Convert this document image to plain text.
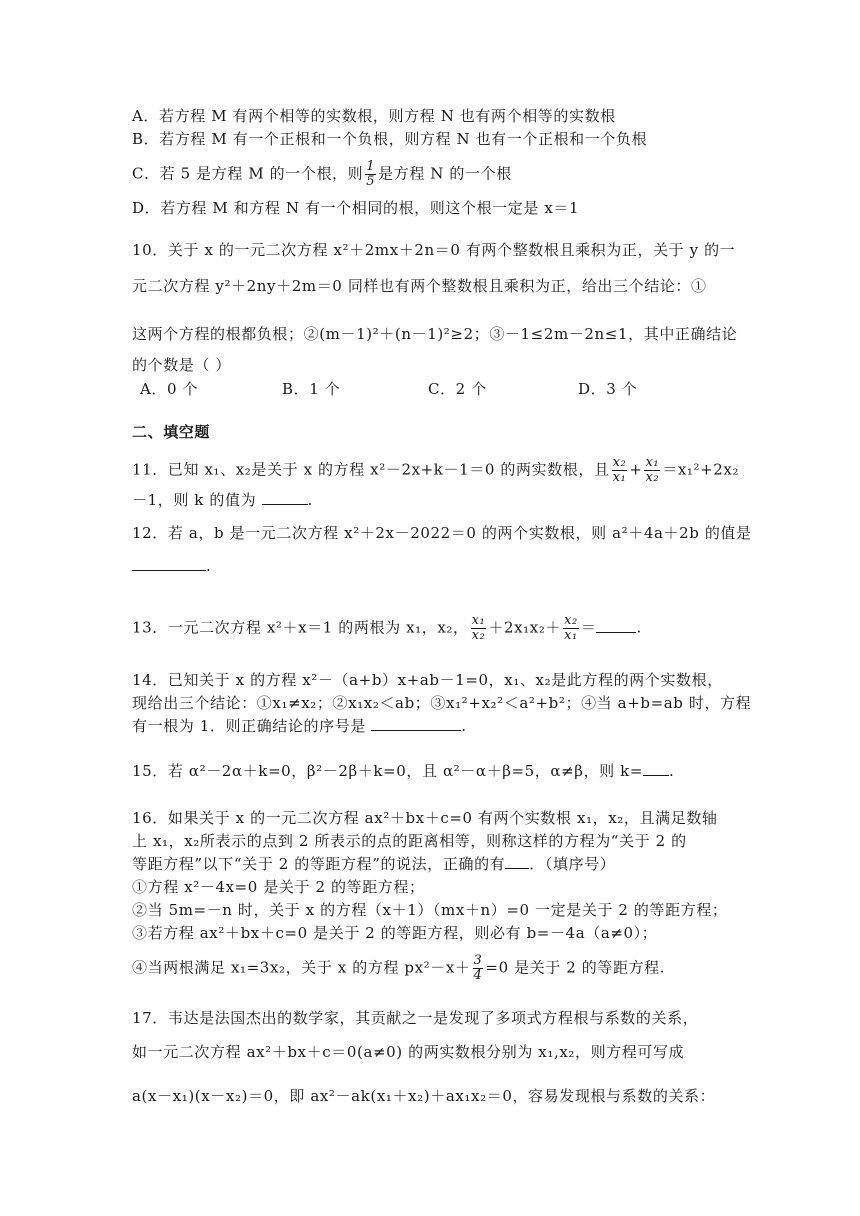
A．若方程 M 有两个相等的实数根，则方程 N 也有两个相等的实数根
B．若方程 M 有一个正根和一个负根，则方程 N 也有一个正根和一个负根
C．若 5 是方程 M 的一个根，则 $\frac{1}{5}$ 是方程 N 的一个根
D．若方程 M 和方程 N 有一个相同的根，则这个根一定是 x＝1
10．关于 x 的一元二次方程 x²＋2mx＋2n＝0 有两个整数根且乘积为正，关于 y 的一
元二次方程 y²＋2ny＋2m＝0 同样也有两个整数根且乘积为正，给出三个结论：①
这两个方程的根都负根；②(m－1)²＋(n－1)²≥2；③－1≤2m－2n≤1，其中正确结论
的个数是（ ）
A．0 个	B．1 个	C．2 个	D．3 个
二、填空题
11．已知 x₁、x₂是关于 x 的方程 x²－2x+k－1＝0 的两实数根，且 $\frac{\text{x₂}}{\text{x₁}} + \frac{\text{x₁}}{\text{x₂}} =x_1^2+2x_2$
－1，则 k 的值为	.
12．若 a，b 是一元二次方程 x²＋2x－2022＝0 的两个实数根，则 a²＋4a＋2b 的值是
.
13．一元二次方程 x²＋x＝1 的两根为 x₁，x₂， $\frac{\text{x₁}}{\text{x₂}} +2x_1x_2+ \frac{\text{x₂}}{\text{x₁}}$ ＝	.
14．已知关于 x 的方程 x²－（a+b）x+ab－1=0，x₁、x₂是此方程的两个实数根，
现给出三个结论：①x₁≠x₂；②x₁x₂＜ab；③x₁²+x₂²＜a²+b²；④当 a+b=ab 时，方程
有一根为 1．则正确结论的序号是	.
15．若 α²－2α＋k=0，β²－2β＋k=0，且 α²－α＋β=5，α≠β，则 k= .
16．如果关于 x 的一元二次方程 ax²＋bx＋c=0 有两个实数根 x₁，x₂，且满足数轴
上 x₁，x₂所表示的点到 2 所表示的点的距离相等，则称这样的方程为“关于 2 的
等距方程”以下“关于 2 的等距方程”的说法，正确的有 ．（填序号）
①方程 x²－4x=0 是关于 2 的等距方程；
②当 5m=－n 时，关于 x 的方程（x＋1）（mx＋n）=0 一定是关于 2 的等距方程；
③若方程 ax²＋bx＋c=0 是关于 2 的等距方程，则必有 b=－4a（a≠0）；
④当两根满足 x₁=3x₂，关于 x 的方程 $px^2-x+ \frac{3}{4} =0$ 是关于 2 的等距方程.
17．韦达是法国杰出的数学家，其贡献之一是发现了多项式方程根与系数的关系，
如一元二次方程 ax²＋bx＋c＝0(a≠0) 的两实数根分别为 x₁,x₂，则方程可写成
a(x－x₁)(x－x₂)＝0，即 ax²－ak(x₁＋x₂)＋ax₁x₂＝0，容易发现根与系数的关系：
